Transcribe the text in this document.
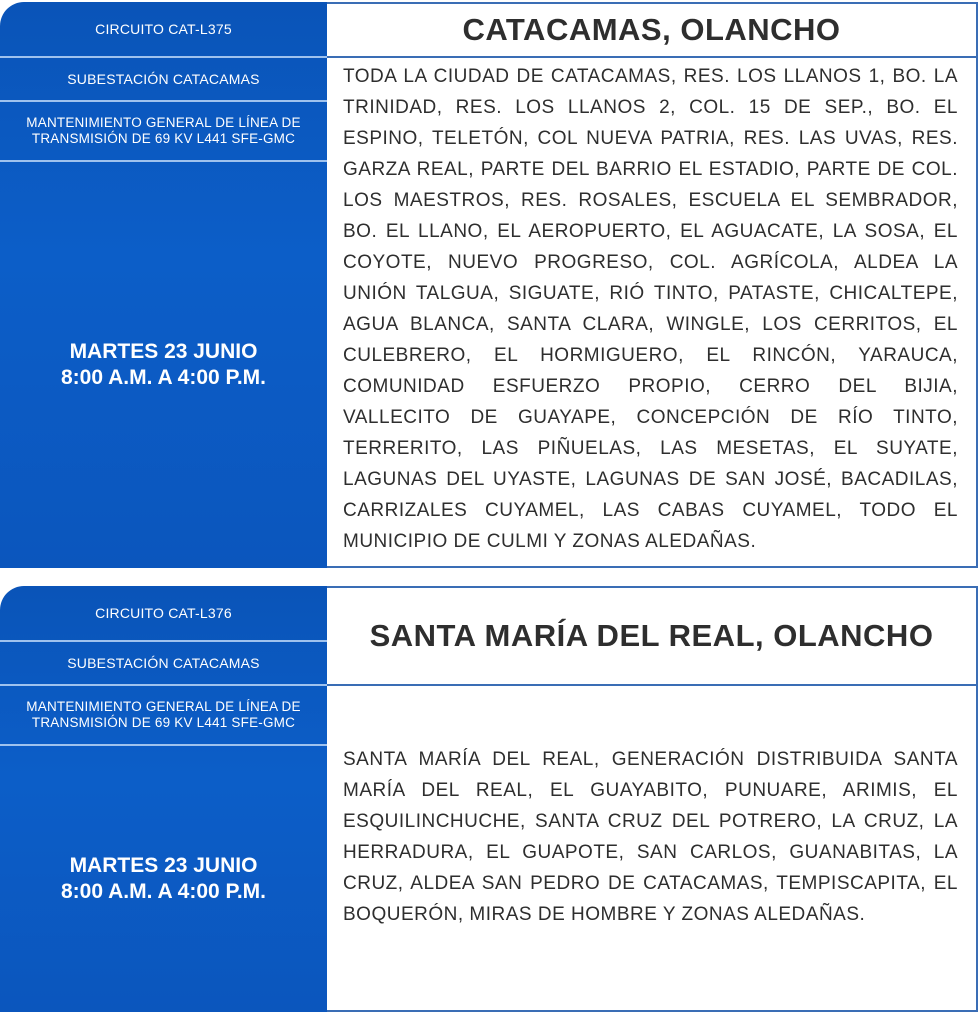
CIRCUITO CAT-L375
SUBESTACIÓN CATACAMAS
MANTENIMIENTO GENERAL DE LÍNEA DE TRANSMISIÓN DE 69 KV L441 SFE-GMC
MARTES 23 JUNIO
8:00 A.M. A 4:00 P.M.
CATACAMAS, OLANCHO
TODA LA CIUDAD DE CATACAMAS, RES. LOS LLANOS 1, BO. LA TRINIDAD, RES. LOS LLANOS 2, COL. 15 DE SEP., BO. EL ESPINO, TELETÓN, COL NUEVA PATRIA, RES. LAS UVAS, RES. GARZA REAL, PARTE DEL BARRIO EL ESTADIO, PARTE DE COL. LOS MAESTROS, RES. ROSALES, ESCUELA EL SEMBRADOR, BO. EL LLANO, EL AEROPUERTO, EL AGUACATE, LA SOSA, EL COYOTE, NUEVO PROGRESO, COL. AGRÍCOLA, ALDEA LA UNIÓN TALGUA, SIGUATE, RIÓ TINTO, PATASTE, CHICALTEPE, AGUA BLANCA, SANTA CLARA, WINGLE, LOS CERRITOS, EL CULEBRERO, EL HORMIGUERO, EL RINCÓN, YARAUCA, COMUNIDAD ESFUERZO PROPIO, CERRO DEL BIJIA, VALLECITO DE GUAYAPE, CONCEPCIÓN DE RÍO TINTO, TERRERITO, LAS PIÑUELAS, LAS MESETAS, EL SUYATE, LAGUNAS DEL UYASTE, LAGUNAS DE SAN JOSÉ, BACADILAS, CARRIZALES CUYAMEL, LAS CABAS CUYAMEL, TODO EL MUNICIPIO DE CULMI Y ZONAS ALEDAÑAS.
CIRCUITO CAT-L376
SUBESTACIÓN CATACAMAS
MANTENIMIENTO GENERAL DE LÍNEA DE TRANSMISIÓN DE 69 KV L441 SFE-GMC
MARTES 23 JUNIO
8:00 A.M. A 4:00 P.M.
SANTA MARÍA DEL REAL, OLANCHO
SANTA MARÍA DEL REAL, GENERACIÓN DISTRIBUIDA SANTA MARÍA DEL REAL, EL GUAYABITO, PUNUARE, ARIMIS, EL ESQUILINCHUCHE, SANTA CRUZ DEL POTRERO, LA CRUZ, LA HERRADURA, EL GUAPOTE, SAN CARLOS, GUANABITAS, LA CRUZ, ALDEA SAN PEDRO DE CATACAMAS, TEMPISCAPITA, EL BOQUERÓN, MIRAS DE HOMBRE Y ZONAS ALEDAÑAS.
